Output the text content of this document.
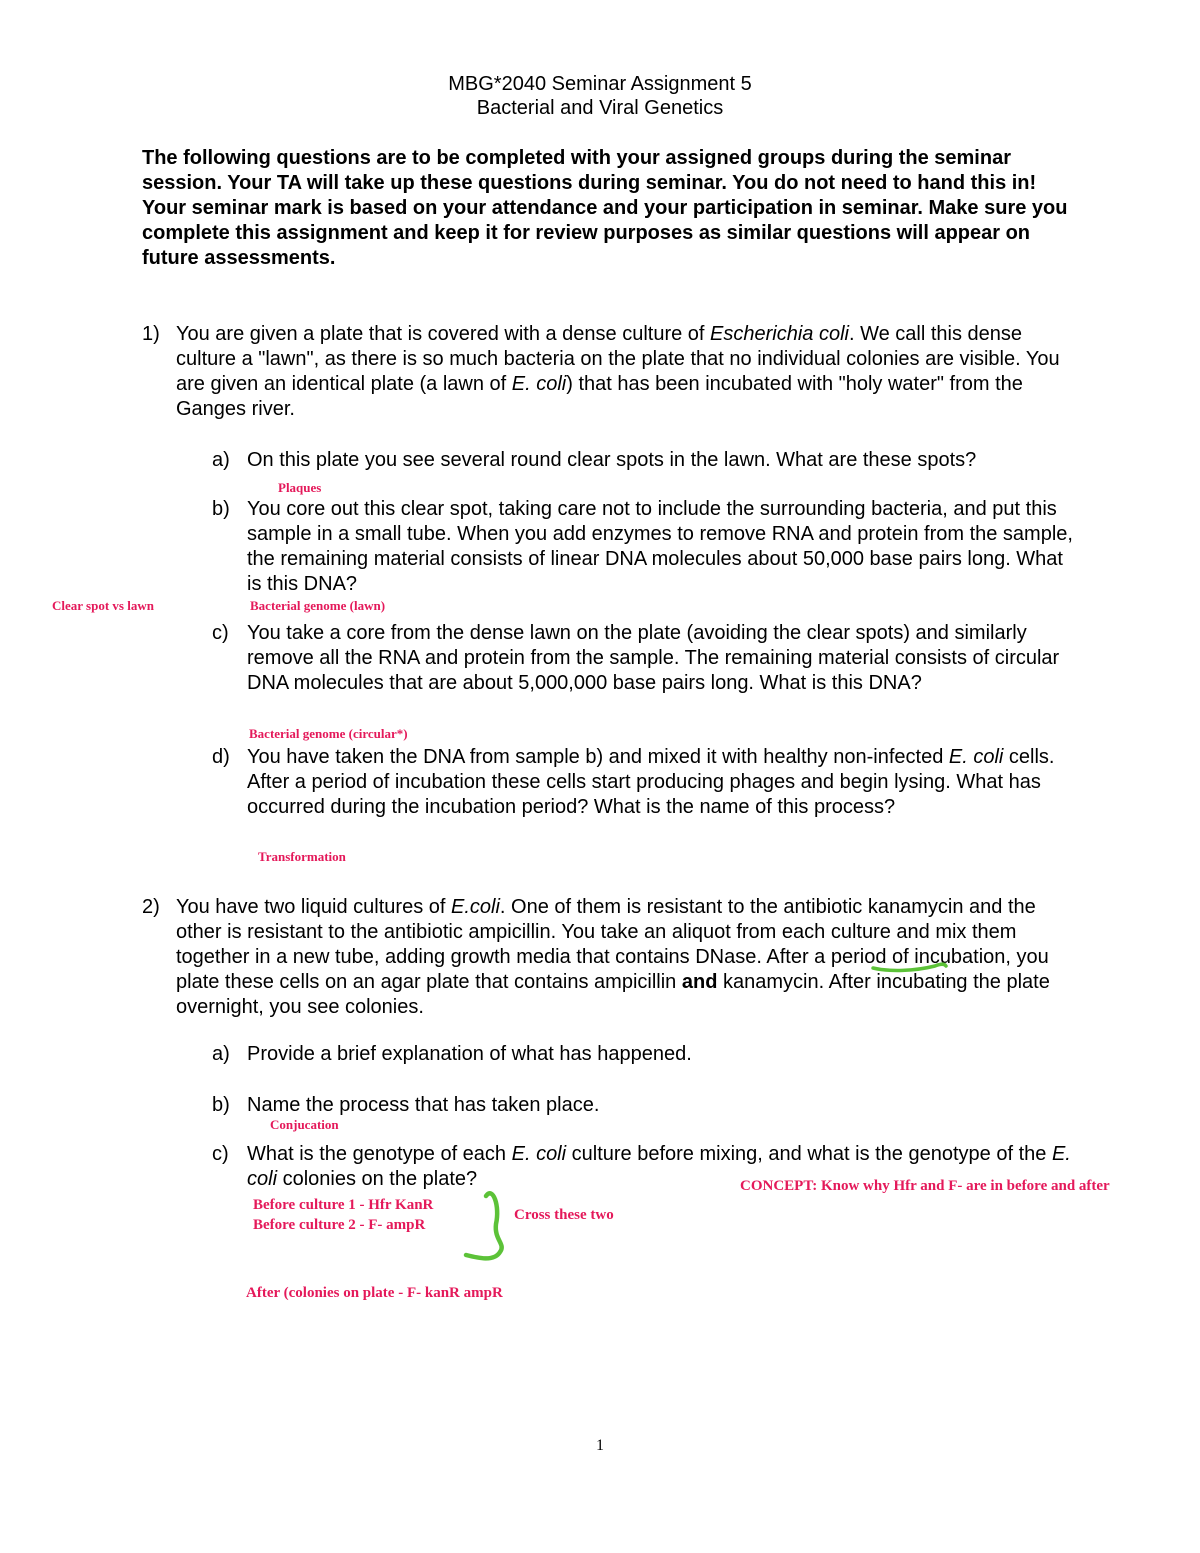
MBG*2040 Seminar Assignment 5
Bacterial and Viral Genetics
The following questions are to be completed with your assigned groups during the seminar session. Your TA will take up these questions during seminar. You do not need to hand this in! Your seminar mark is based on your attendance and your participation in seminar. Make sure you complete this assignment and keep it for review purposes as similar questions will appear on future assessments.
1) You are given a plate that is covered with a dense culture of Escherichia coli. We call this dense culture a "lawn", as there is so much bacteria on the plate that no individual colonies are visible. You are given an identical plate (a lawn of E. coli) that has been incubated with "holy water" from the Ganges river.
a) On this plate you see several round clear spots in the lawn. What are these spots?
b) You core out this clear spot, taking care not to include the surrounding bacteria, and put this sample in a small tube. When you add enzymes to remove RNA and protein from the sample, the remaining material consists of linear DNA molecules about 50,000 base pairs long. What is this DNA?
c) You take a core from the dense lawn on the plate (avoiding the clear spots) and similarly remove all the RNA and protein from the sample. The remaining material consists of circular DNA molecules that are about 5,000,000 base pairs long. What is this DNA?
d) You have taken the DNA from sample b) and mixed it with healthy non-infected E. coli cells. After a period of incubation these cells start producing phages and begin lysing. What has occurred during the incubation period? What is the name of this process?
2) You have two liquid cultures of E.coli. One of them is resistant to the antibiotic kanamycin and the other is resistant to the antibiotic ampicillin. You take an aliquot from each culture and mix them together in a new tube, adding growth media that contains DNase. After a period of incubation, you plate these cells on an agar plate that contains ampicillin and kanamycin. After incubating the plate overnight, you see colonies.
a) Provide a brief explanation of what has happened.
b) Name the process that has taken place.
c) What is the genotype of each E. coli culture before mixing, and what is the genotype of the E. coli colonies on the plate?
Plaques
Clear spot vs lawn	Bacterial genome (lawn)
Bacterial genome (circular*)
Transformation
Conjucation
CONCEPT: Know why Hfr and F- are in before and after
Before culture 1 - Hfr KanR
Before culture 2 - F- ampR
Cross these two
After (colonies on plate - F- kanR ampR
1
